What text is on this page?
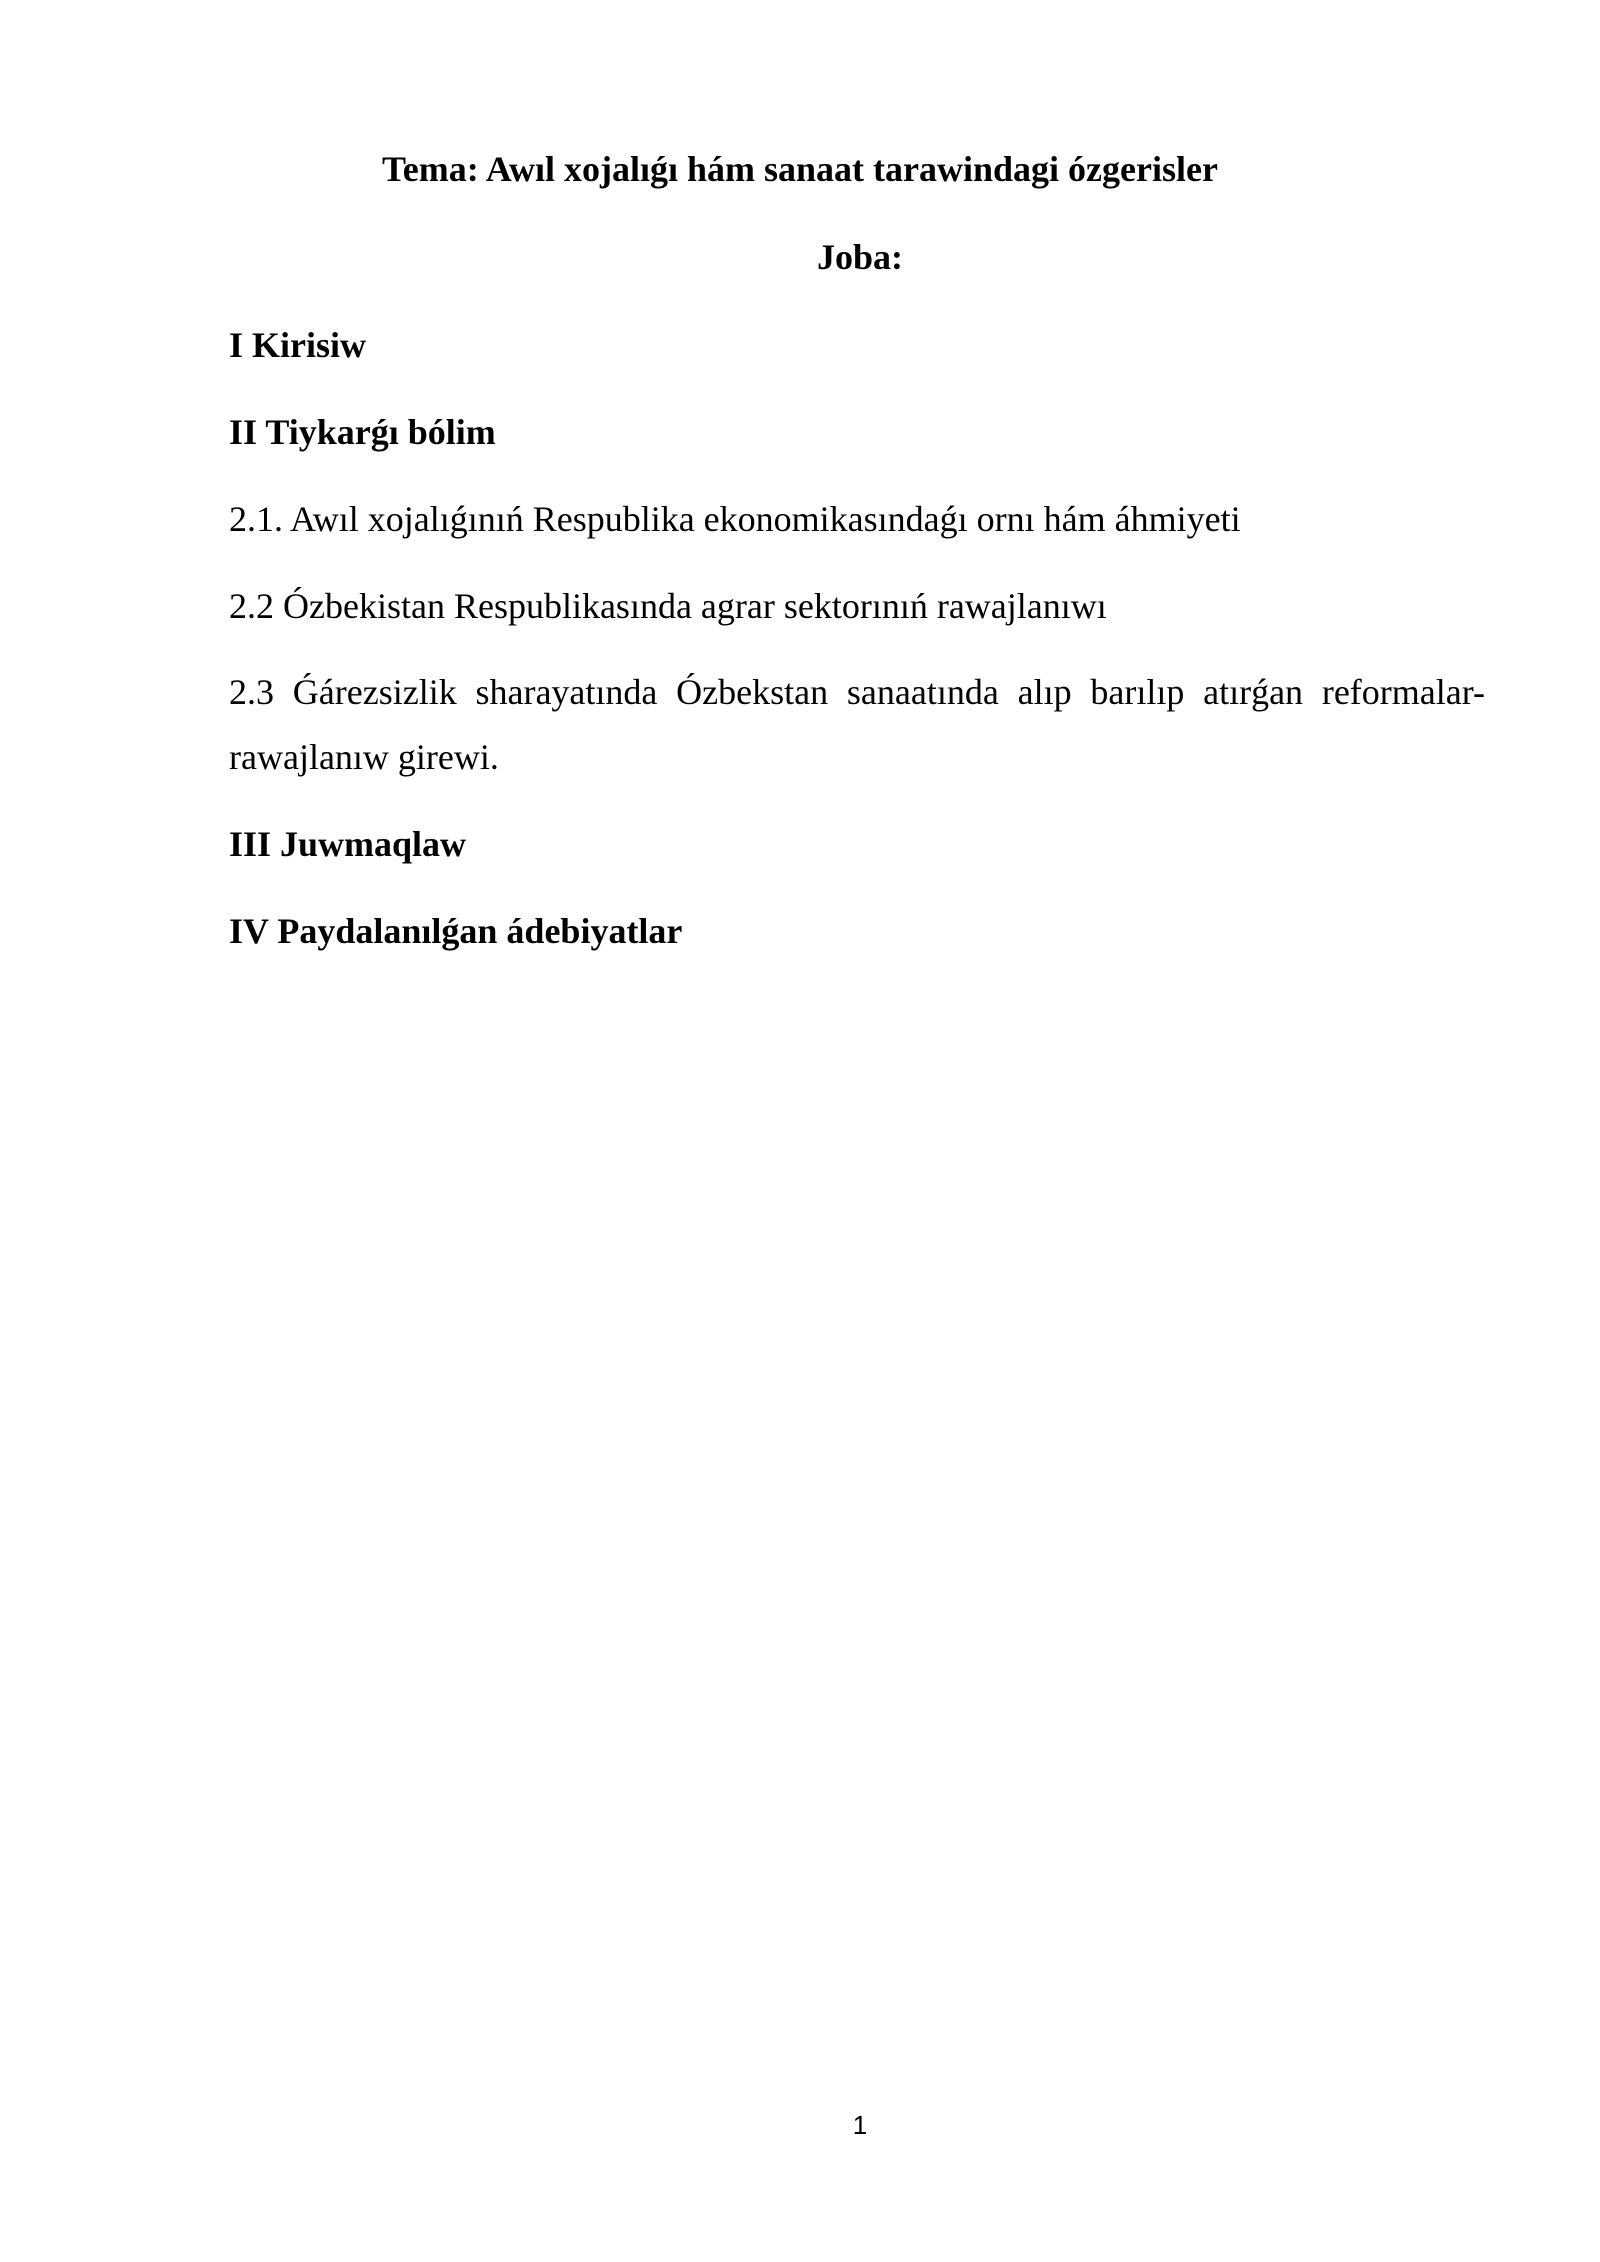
Tema: Awıl xojalıǵı hám sanaat tarawindagi ózgerisler
Joba:

I Kirisiw

II Tiykarǵı bólim

2.1. Awıl xojalıǵınıń Respublika ekonomikasındaǵı ornı hám áhmiyeti

2.2 Ózbekistan Respublikasında agrar sektorınıń rawajlanıwı

2.3 Ǵárezsizlik sharayatında Ózbekstan sanaatında alıp barılıp atırǵan reformalar-rawajlanıw girewi.

III Juwmaqlaw

IV Paydalanılǵan ádebiyatlar

1
